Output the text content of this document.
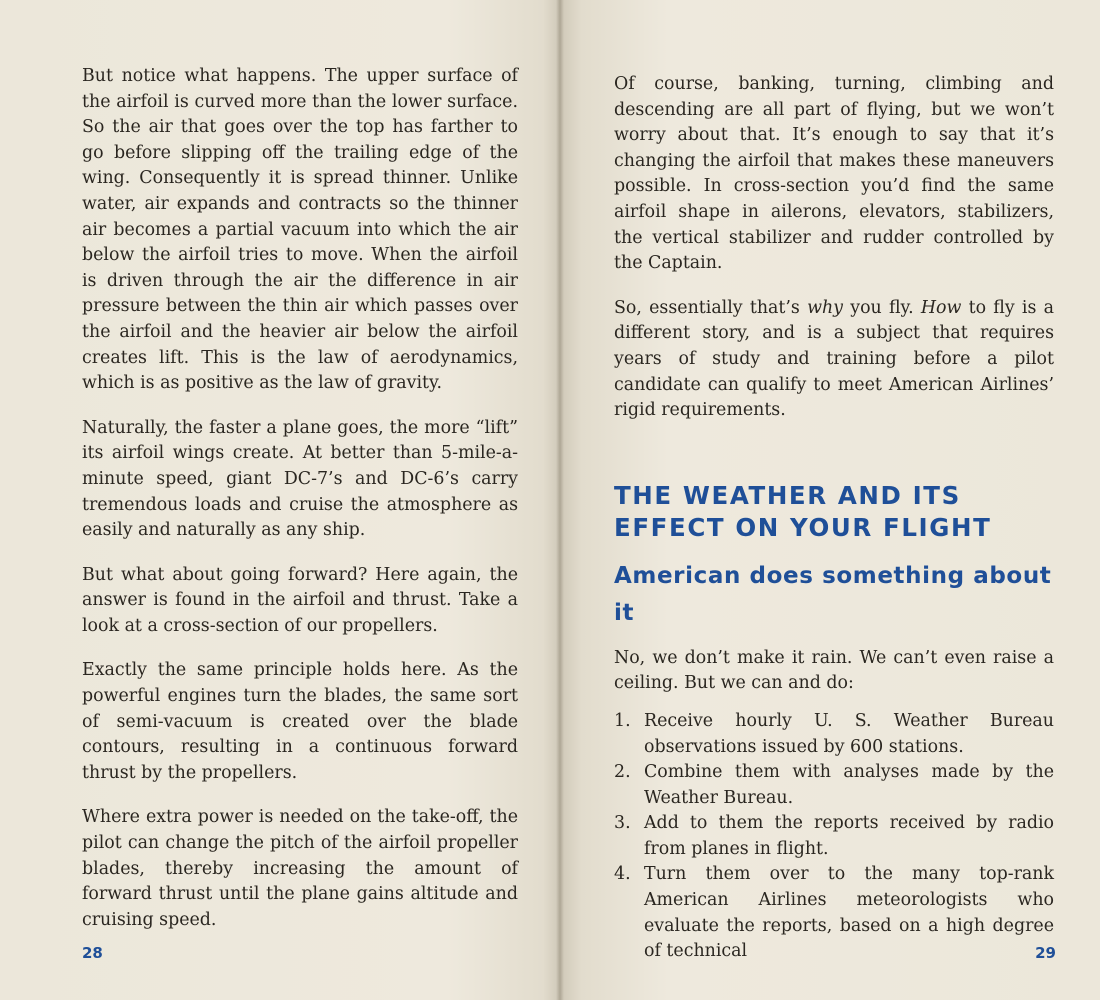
But notice what happens. The upper surface of the airfoil is curved more than the lower surface. So the air that goes over the top has farther to go before slipping off the trailing edge of the wing. Consequently it is spread thinner. Unlike water, air expands and contracts so the thinner air becomes a partial vacuum into which the air below the airfoil tries to move. When the airfoil is driven through the air the difference in air pressure between the thin air which passes over the airfoil and the heavier air below the airfoil creates lift. This is the law of aerodynamics, which is as positive as the law of gravity.

Naturally, the faster a plane goes, the more “lift” its airfoil wings create. At better than 5-mile-a-minute speed, giant DC-7’s and DC-6’s carry tremendous loads and cruise the atmosphere as easily and naturally as any ship.

But what about going forward? Here again, the answer is found in the airfoil and thrust. Take a look at a cross-section of our propellers.

Exactly the same principle holds here. As the powerful engines turn the blades, the same sort of semi-vacuum is created over the blade contours, resulting in a continuous forward thrust by the propellers.

Where extra power is needed on the take-off, the pilot can change the pitch of the airfoil propeller blades, thereby increasing the amount of forward thrust until the plane gains altitude and cruising speed.

28

Of course, banking, turning, climbing and descending are all part of flying, but we won’t worry about that. It’s enough to say that it’s changing the airfoil that makes these maneuvers possible. In cross-section you’d find the same airfoil shape in ailerons, elevators, stabilizers, the vertical stabilizer and rudder controlled by the Captain.

So, essentially that’s why you fly. How to fly is a different story, and is a subject that requires years of study and training before a pilot candidate can qualify to meet American Airlines’ rigid requirements.

THE WEATHER AND ITS EFFECT ON YOUR FLIGHT
American does something about it

No, we don’t make it rain. We can’t even raise a ceiling. But we can and do:

1. Receive hourly U. S. Weather Bureau observations issued by 600 stations.
2. Combine them with analyses made by the Weather Bureau.
3. Add to them the reports received by radio from planes in flight.
4. Turn them over to the many top-rank American Airlines meteorologists who evaluate the reports, based on a high degree of technical	29
